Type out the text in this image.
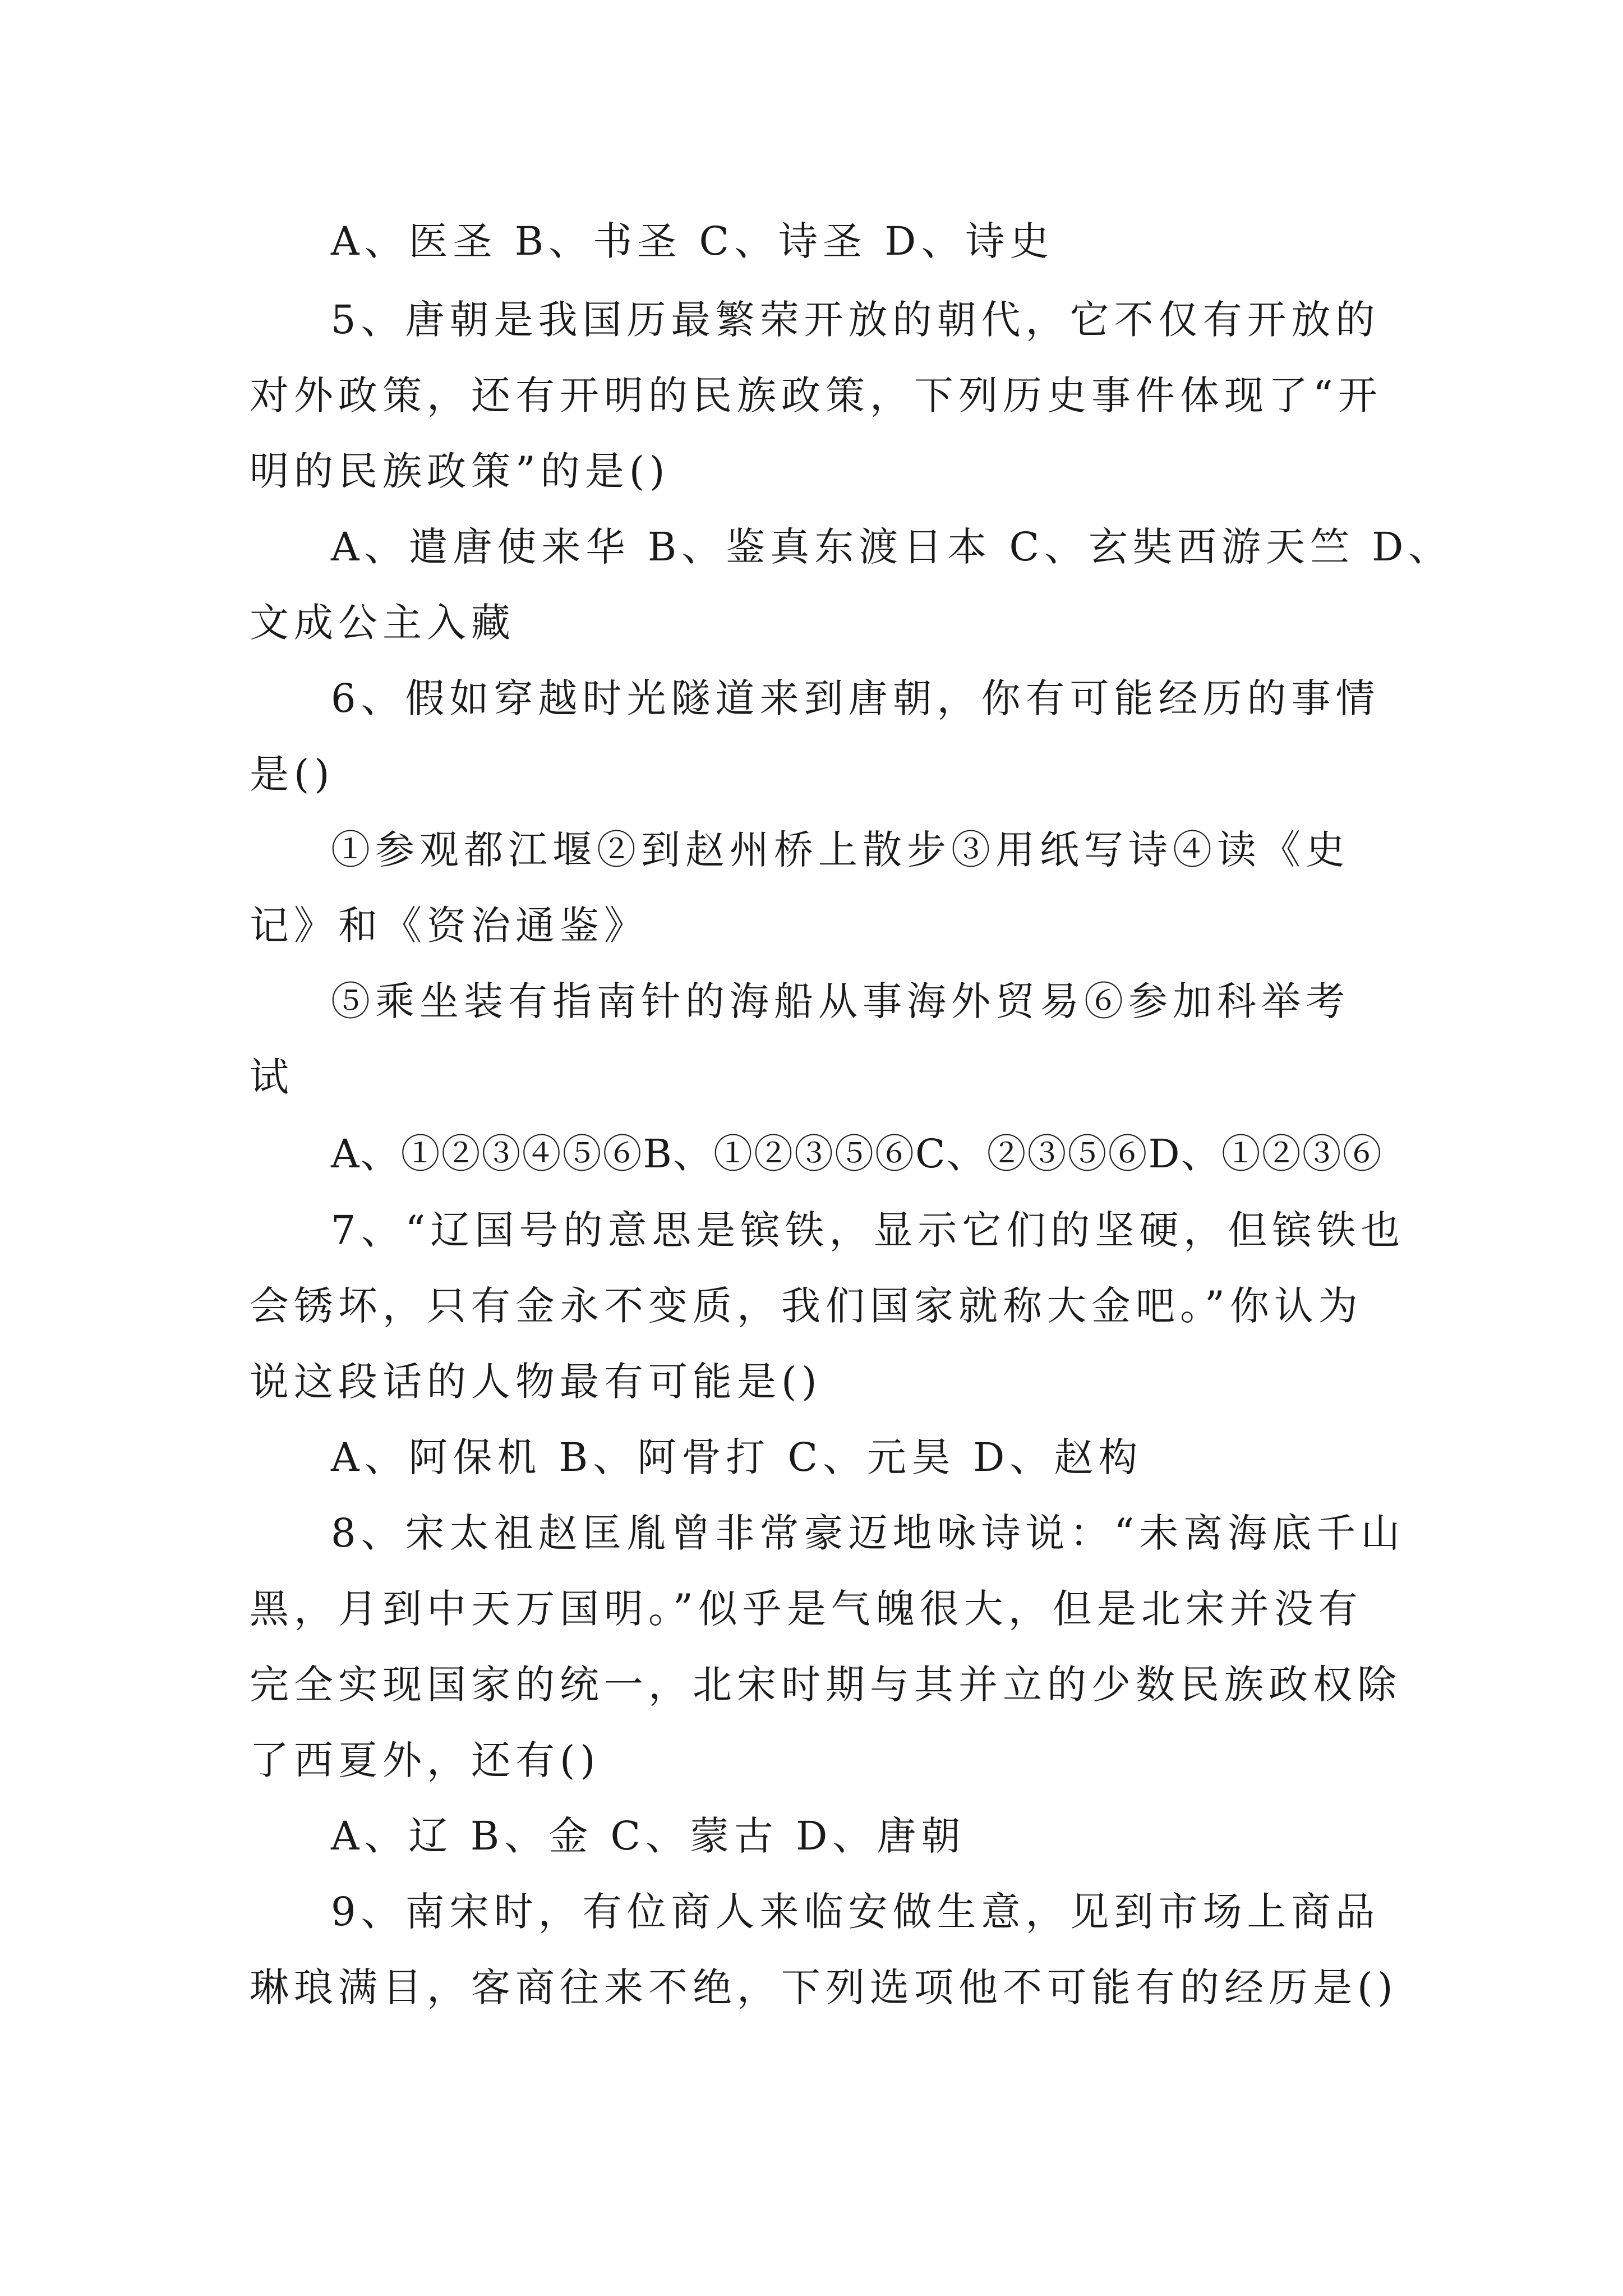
A、医圣 B、书圣 C、诗圣 D、诗史
5、唐朝是我国历最繁荣开放的朝代，它不仅有开放的
对外政策，还有开明的民族政策，下列历史事件体现了“开
明的民族政策”的是()
A、遣唐使来华 B、鉴真东渡日本 C、玄奘西游天竺 D、
文成公主入藏
6、假如穿越时光隧道来到唐朝，你有可能经历的事情
是()
①参观都江堰②到赵州桥上散步③用纸写诗④读《史
记》和《资治通鉴》
⑤乘坐装有指南针的海船从事海外贸易⑥参加科举考
试
A、①②③④⑤⑥B、①②③⑤⑥C、②③⑤⑥D、①②③⑥
7、“辽国号的意思是镔铁，显示它们的坚硬，但镔铁也
会锈坏，只有金永不变质，我们国家就称大金吧。”你认为
说这段话的人物最有可能是()
A、阿保机 B、阿骨打 C、元昊 D、赵构
8、宋太祖赵匡胤曾非常豪迈地咏诗说：“未离海底千山
黑，月到中天万国明。”似乎是气魄很大，但是北宋并没有
完全实现国家的统一，北宋时期与其并立的少数民族政权除
了西夏外，还有()
A、辽 B、金 C、蒙古 D、唐朝
9、南宋时，有位商人来临安做生意，见到市场上商品
琳琅满目，客商往来不绝，下列选项他不可能有的经历是()
